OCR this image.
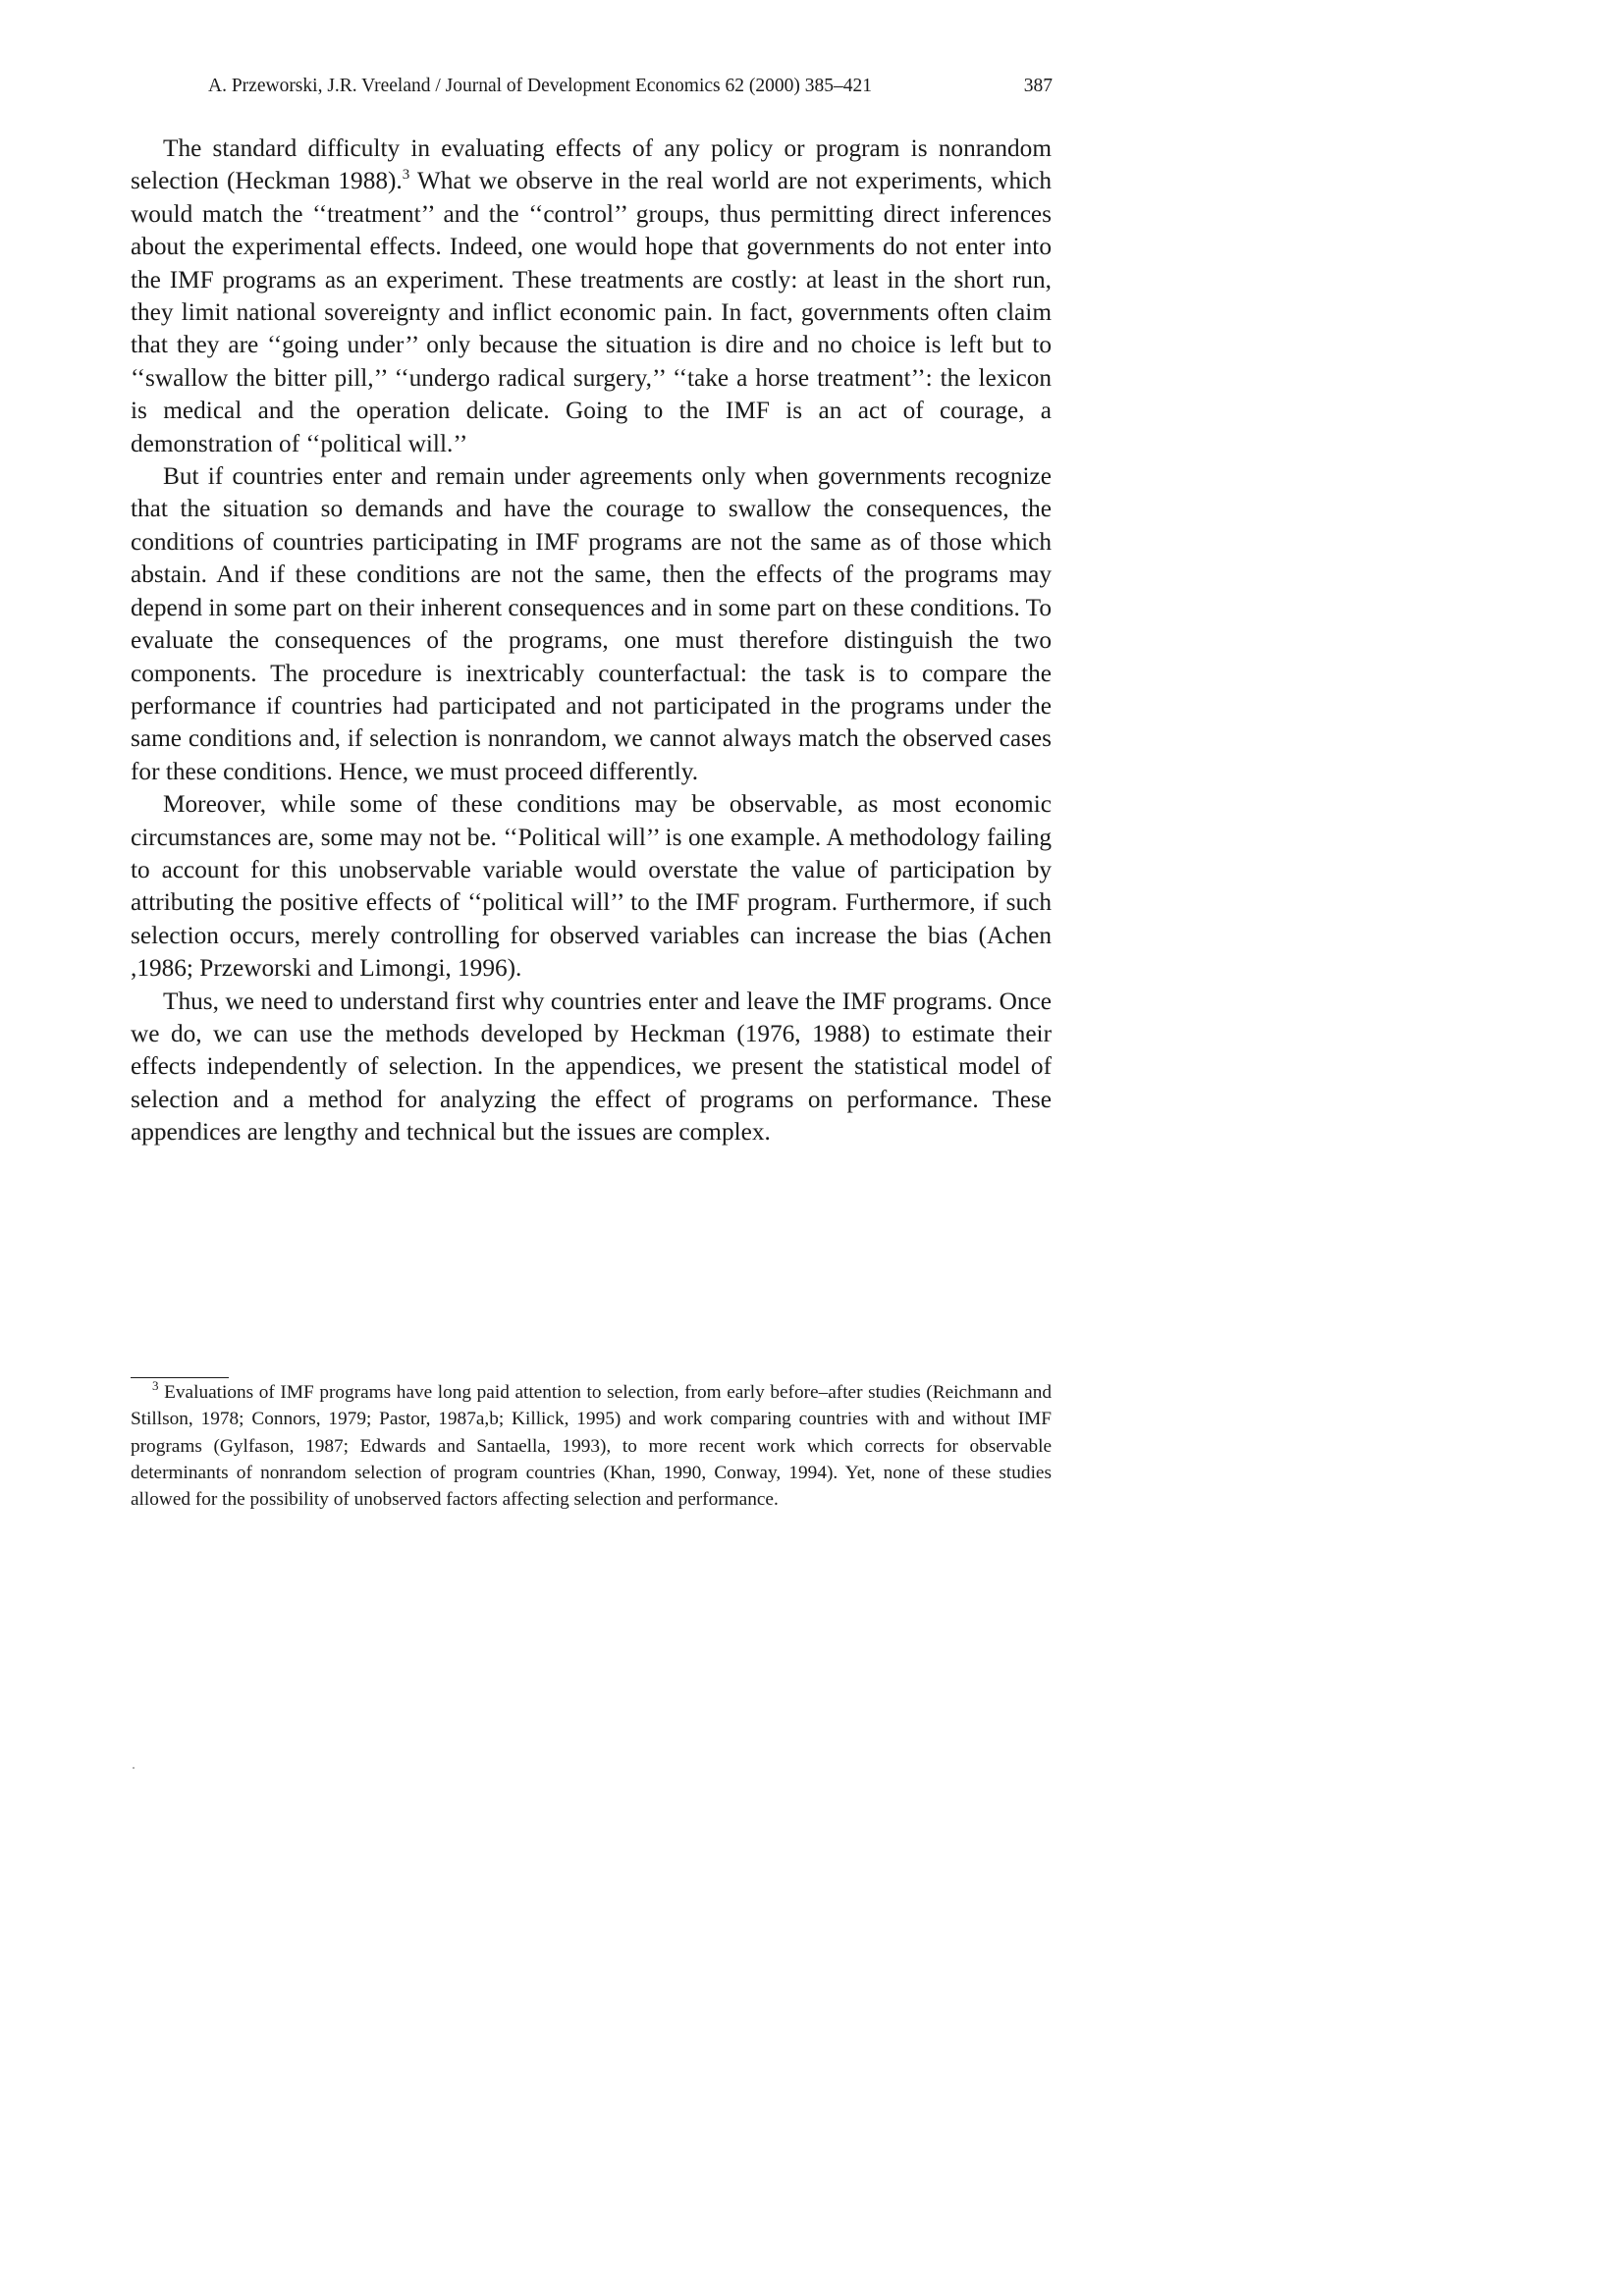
A. Przeworski, J.R. Vreeland / Journal of Development Economics 62 (2000) 385–421	387

The standard difficulty in evaluating effects of any policy or program is nonrandom selection (Heckman 1988).$^3$ What we observe in the real world are not experiments, which would match the ‘‘treatment’’ and the ‘‘control’’ groups, thus permitting direct inferences about the experimental effects. Indeed, one would hope that governments do not enter into the IMF programs as an experiment. These treatments are costly: at least in the short run, they limit national sovereignty and inflict economic pain. In fact, governments often claim that they are ‘‘going under’’ only because the situation is dire and no choice is left but to ‘‘swallow the bitter pill,’’ ‘‘undergo radical surgery,’’ ‘‘take a horse treatment’’: the lexicon is medical and the operation delicate. Going to the IMF is an act of courage, a demonstration of ‘‘political will.’’

But if countries enter and remain under agreements only when governments recognize that the situation so demands and have the courage to swallow the consequences, the conditions of countries participating in IMF programs are not the same as of those which abstain. And if these conditions are not the same, then the effects of the programs may depend in some part on their inherent consequences and in some part on these conditions. To evaluate the consequences of the programs, one must therefore distinguish the two components. The procedure is inextricably counterfactual: the task is to compare the performance if countries had participated and not participated in the programs under the same conditions and, if selection is nonrandom, we cannot always match the observed cases for these conditions. Hence, we must proceed differently.

Moreover, while some of these conditions may be observable, as most economic circumstances are, some may not be. ‘‘Political will’’ is one example. A methodology failing to account for this unobservable variable would overstate the value of participation by attributing the positive effects of ‘‘political will’’ to the IMF program. Furthermore, if such selection occurs, merely controlling for observed variables can increase the bias (Achen ,1986; Przeworski and Limongi, 1996).

Thus, we need to understand first why countries enter and leave the IMF programs. Once we do, we can use the methods developed by Heckman (1976, 1988) to estimate their effects independently of selection. In the appendices, we present the statistical model of selection and a method for analyzing the effect of programs on performance. These appendices are lengthy and technical but the issues are complex.

$^3$ Evaluations of IMF programs have long paid attention to selection, from early before–after studies (Reichmann and Stillson, 1978; Connors, 1979; Pastor, 1987a,b; Killick, 1995) and work comparing countries with and without IMF programs (Gylfason, 1987; Edwards and Santaella, 1993), to more recent work which corrects for observable determinants of nonrandom selection of program countries (Khan, 1990, Conway, 1994). Yet, none of these studies allowed for the possibility of unobserved factors affecting selection and performance.
